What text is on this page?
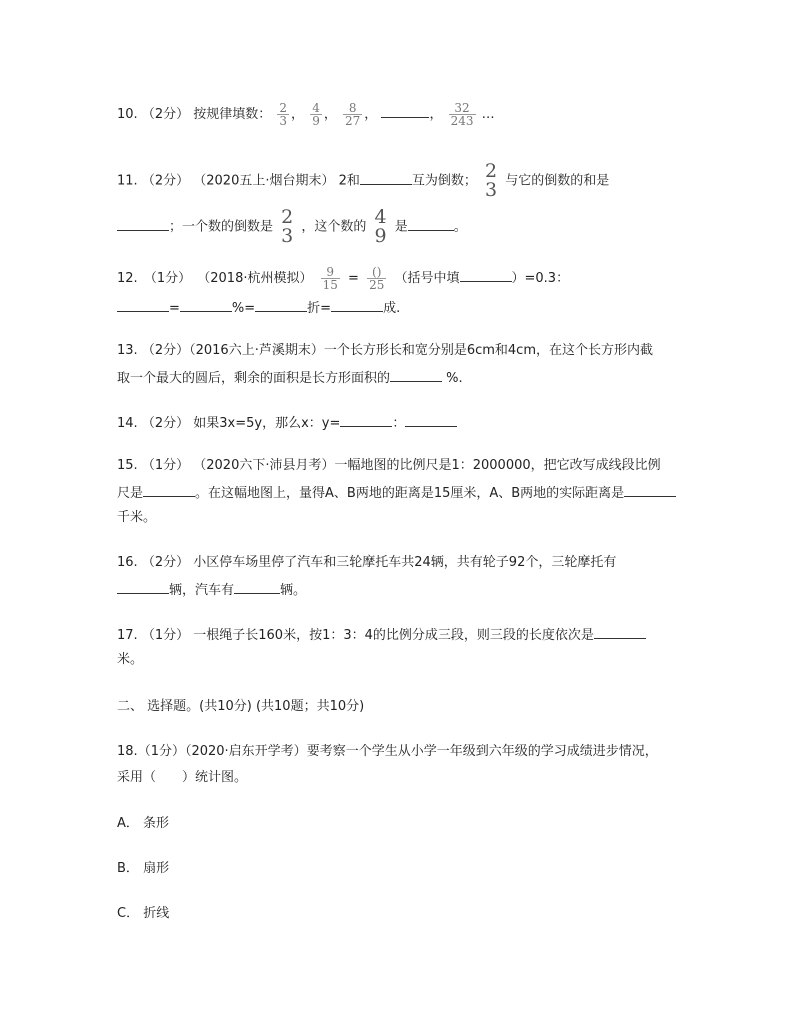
10. （2分） 按规律填数： $\frac{2}{3}$ ， $\frac{4}{9}$ ， $\frac{8}{27}$ ，	， $\frac{32}{243}$ …
11. （2分） （2020五上·烟台期末） 2和	互为倒数； 2
3 与它的倒数的和是
；一个数的倒数是 2
3 ，这个数的 4
9 是	。
12. （1分） （2018·杭州模拟） $\frac{9}{15} = \frac{()}{25}$ （括号中填	）=0.3：
=	%=	折=	成.
13. （2分）（2016六上·芦溪期末）一个长方形长和宽分别是6cm和4cm，在这个长方形内截
取一个最大的圆后，剩余的面积是长方形面积的	%.
14. （2分） 如果3x=5y，那么x：y=	：
15. （1分） （2020六下·沛县月考）一幅地图的比例尺是1：2000000，把它改写成线段比例
尺是	。在这幅地图上，量得A、B两地的距离是15厘米，A、B两地的实际距离是
千米。
16. （2分） 小区停车场里停了汽车和三轮摩托车共24辆，共有轮子92个，三轮摩托有
辆，汽车有	辆。
17. （1分） 一根绳子长160米，按1：3：4的比例分成三段，则三段的长度依次是
米。
二、 选择题。(共10分) (共10题；共10分)
18.（1分）（2020·启东开学考）要考察一个学生从小学一年级到六年级的学习成绩进步情况，
采用（　　）统计图。
A． 条形
B． 扇形
C． 折线
